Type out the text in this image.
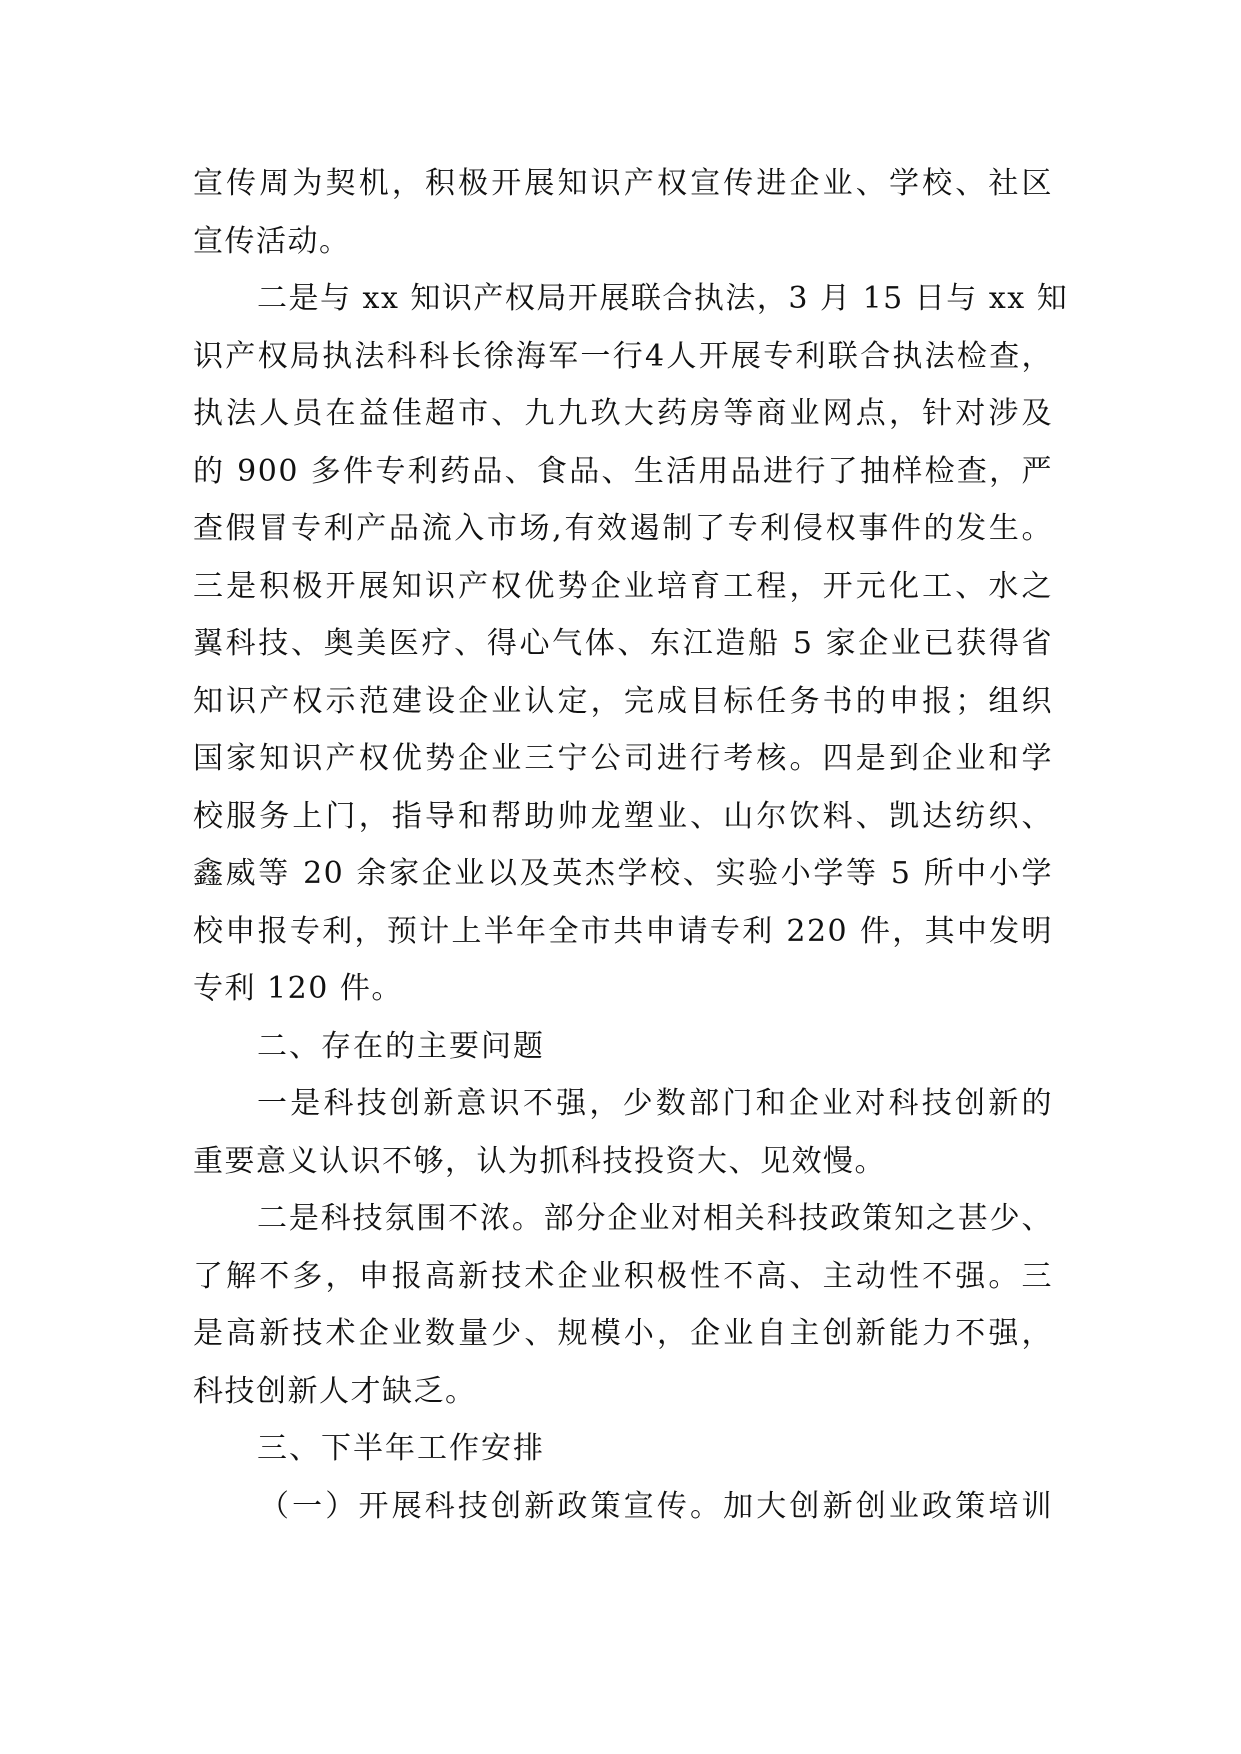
宣传周为契机，积极开展知识产权宣传进企业、学校、社区
宣传活动。
二是与 xx 知识产权局开展联合执法，3 月 15 日与 xx 知
识产权局执法科科长徐海军一行4人开展专利联合执法检查，
执法人员在益佳超市、九九玖大药房等商业网点，针对涉及
的 900 多件专利药品、食品、生活用品进行了抽样检查，严
查假冒专利产品流入市场,有效遏制了专利侵权事件的发生。
三是积极开展知识产权优势企业培育工程，开元化工、水之
翼科技、奥美医疗、得心气体、东江造船 5 家企业已获得省
知识产权示范建设企业认定，完成目标任务书的申报；组织
国家知识产权优势企业三宁公司进行考核。四是到企业和学
校服务上门，指导和帮助帅龙塑业、山尔饮料、凯达纺织、
鑫威等 20 余家企业以及英杰学校、实验小学等 5 所中小学
校申报专利，预计上半年全市共申请专利 220 件，其中发明
专利 120 件。
二、存在的主要问题
一是科技创新意识不强，少数部门和企业对科技创新的
重要意义认识不够，认为抓科技投资大、见效慢。
二是科技氛围不浓。部分企业对相关科技政策知之甚少、
了解不多，申报高新技术企业积极性不高、主动性不强。三
是高新技术企业数量少、规模小，企业自主创新能力不强，
科技创新人才缺乏。
三、下半年工作安排
（一）开展科技创新政策宣传。加大创新创业政策培训
